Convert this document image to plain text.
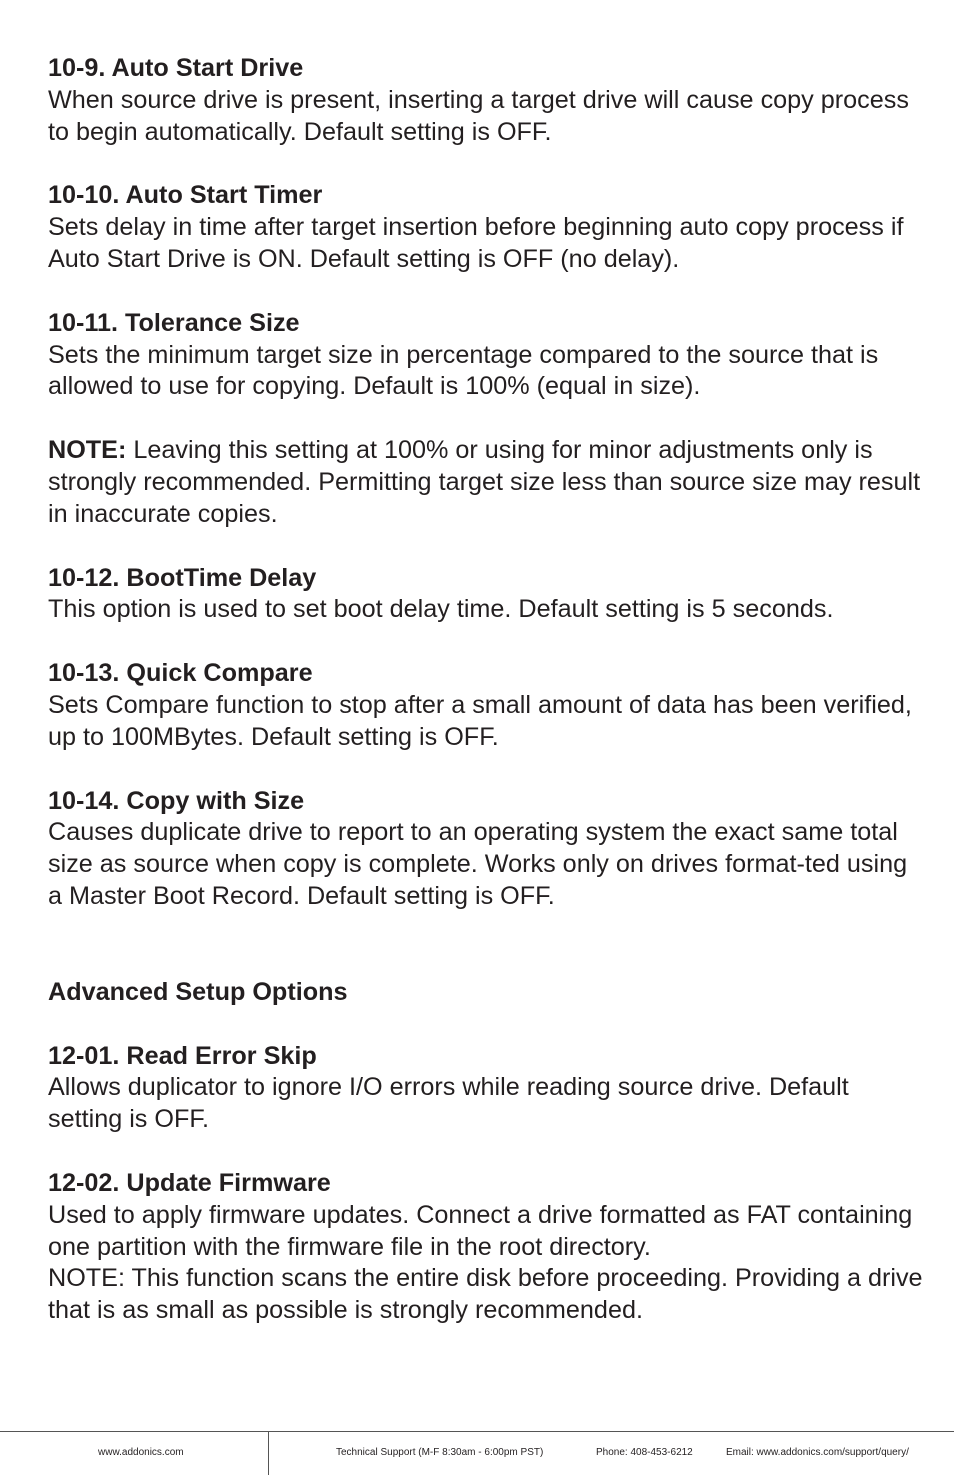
10-9. Auto Start Drive
When source drive is present, inserting a target drive will cause copy process to begin automatically. Default setting is OFF.
10-10. Auto Start Timer
Sets delay in time after target insertion before beginning auto copy process if Auto Start Drive is ON. Default setting is OFF (no delay).
10-11. Tolerance Size
Sets the minimum target size in percentage compared to the source that is allowed to use for copying. Default is 100% (equal in size).
NOTE: Leaving this setting at 100% or using for minor adjustments only is strongly recommended. Permitting target size less than source size may result in inaccurate copies.
10-12. BootTime Delay
This option is used to set boot delay time. Default setting is 5 seconds.
10-13. Quick Compare
Sets Compare function to stop after a small amount of data has been verified, up to 100MBytes. Default setting is OFF.
10-14. Copy with Size
Causes duplicate drive to report to an operating system the exact same total size as source when copy is complete. Works only on drives format-ted using a Master Boot Record. Default setting is OFF.
Advanced Setup Options
12-01. Read Error Skip
Allows duplicator to ignore I/O errors while reading source drive. Default setting is OFF.
12-02. Update Firmware
Used to apply firmware updates. Connect a drive formatted as FAT containing one partition with the firmware file in the root directory.
NOTE: This function scans the entire disk before proceeding. Providing a drive that is as small as possible is strongly recommended.
www.addonics.com	Technical Support (M-F 8:30am - 6:00pm PST)	Phone: 408-453-6212	Email: www.addonics.com/support/query/
